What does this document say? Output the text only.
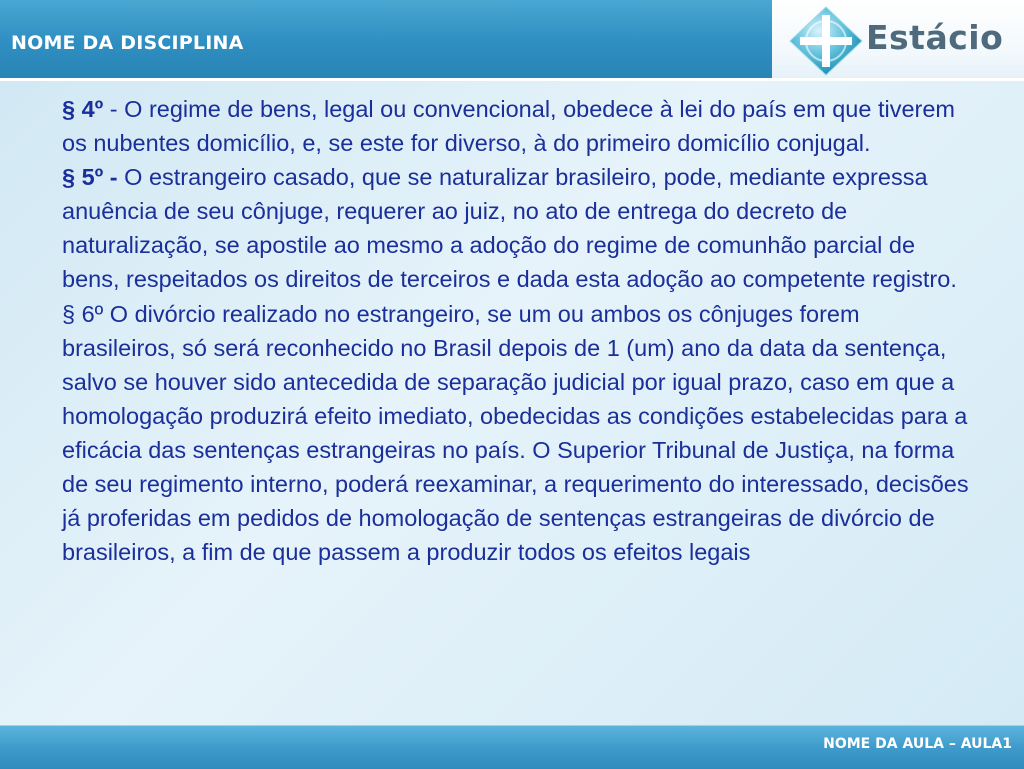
NOME DA DISCIPLINA	Estácio

§ 4º - O regime de bens, legal ou convencional, obedece à lei do país em que tiverem os nubentes domicílio, e, se este for diverso, à do primeiro domicílio conjugal.

§ 5º - O estrangeiro casado, que se naturalizar brasileiro, pode, mediante expressa anuência de seu cônjuge, requerer ao juiz, no ato de entrega do decreto de naturalização, se apostile ao mesmo a adoção do regime de comunhão parcial de bens, respeitados os direitos de terceiros e dada esta adoção ao competente registro.

§ 6º O divórcio realizado no estrangeiro, se um ou ambos os cônjuges forem brasileiros, só será reconhecido no Brasil depois de 1 (um) ano da data da sentença, salvo se houver sido antecedida de separação judicial por igual prazo, caso em que a homologação produzirá efeito imediato, obedecidas as condições estabelecidas para a eficácia das sentenças estrangeiras no país. O Superior Tribunal de Justiça, na forma de seu regimento interno, poderá reexaminar, a requerimento do interessado, decisões já proferidas em pedidos de homologação de sentenças estrangeiras de divórcio de brasileiros, a fim de que passem a produzir todos os efeitos legais

NOME DA AULA – AULA1
